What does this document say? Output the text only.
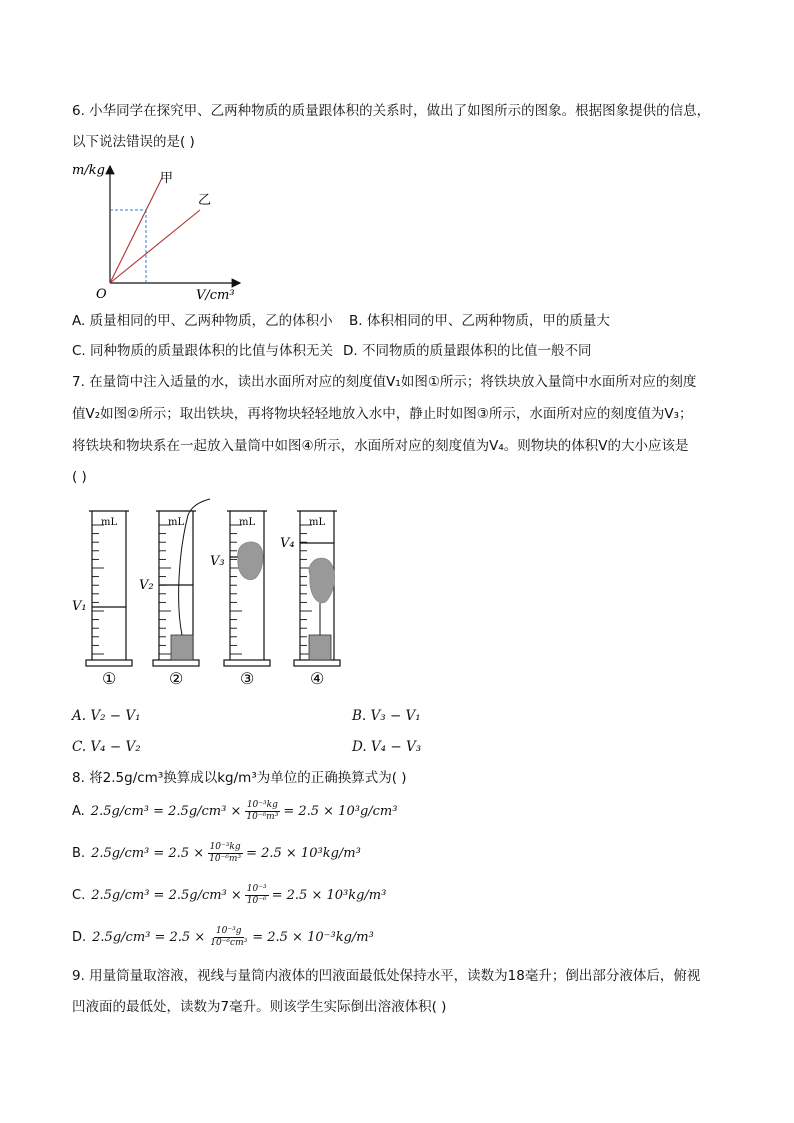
6. 小华同学在探究甲、乙两种物质的质量跟体积的关系时，做出了如图所示的图象。根据图象提供的信息，
以下说法错误的是( )
m/kg
V/cm³
O
甲
乙
A. 质量相同的甲、乙两种物质，乙的体积小 B. 体积相同的甲、乙两种物质，甲的质量大
C. 同种物质的质量跟体积的比值与体积无关 D. 不同物质的质量跟体积的比值一般不同
7. 在量筒中注入适量的水，读出水面所对应的刻度值V₁如图①所示；将铁块放入量筒中水面所对应的刻度
值V₂如图②所示；取出铁块，再将物块轻轻地放入水中，静止时如图③所示，水面所对应的刻度值为V₃；
将铁块和物块系在一起放入量筒中如图④所示，水面所对应的刻度值为V₄。则物块的体积V的大小应该是
( )
mL
V₁
①
mL
V₂
②
mL
V₃
③
mL
V₄
④
A. V₂ − V₁	B. V₃ − V₁
C. V₄ − V₂	D. V₄ − V₃
8. 将2.5g/cm³换算成以kg/m³为单位的正确换算式为( )
A. $2.5g/cm^3 = 2.5g/cm^3 \times \frac{\text{10⁻³kg}}{\text{10⁻⁶m³}} = 2.5 \times 10^3g/cm^3$
B. $2.5g/cm^3 = 2.5 \times \frac{\text{10⁻³kg}}{\text{10⁻⁶m³}} = 2.5 \times 10^3kg/m^3$
C. $2.5g/cm^3 = 2.5g/cm^3 \times \frac{\text{10⁻³}}{\text{10⁻⁶}} = 2.5 \times 10^3kg/m^3$
D. $2.5g/cm^3 = 2.5 \times \frac{\text{10⁻³g}}{\text{10⁻⁶cm³}} = 2.5 \times 10^{-3}kg/m^3$
9. 用量筒量取溶液，视线与量筒内液体的凹液面最低处保持水平，读数为18毫升；倒出部分液体后，俯视
凹液面的最低处，读数为7毫升。则该学生实际倒出溶液体积( )
